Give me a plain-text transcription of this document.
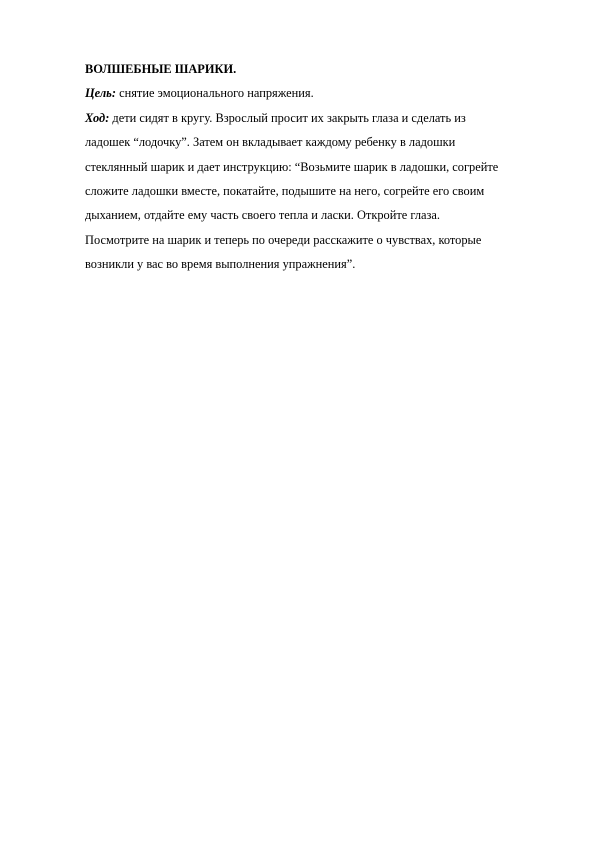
ВОЛШЕБНЫЕ ШАРИКИ.

Цель: снятие эмоционального напряжения.

Ход: дети сидят в кругу. Взрослый просит их закрыть глаза и сделать из
ладошек “лодочку”. Затем он вкладывает каждому ребенку в ладошки
стеклянный шарик и дает инструкцию: “Возьмите шарик в ладошки, согрейте
сложите ладошки вместе, покатайте, подышите на него, согрейте его своим
дыханием, отдайте ему часть своего тепла и ласки. Откройте глаза.
Посмотрите на шарик и теперь по очереди расскажите о чувствах, которые
возникли у вас во время выполнения упражнения”.
